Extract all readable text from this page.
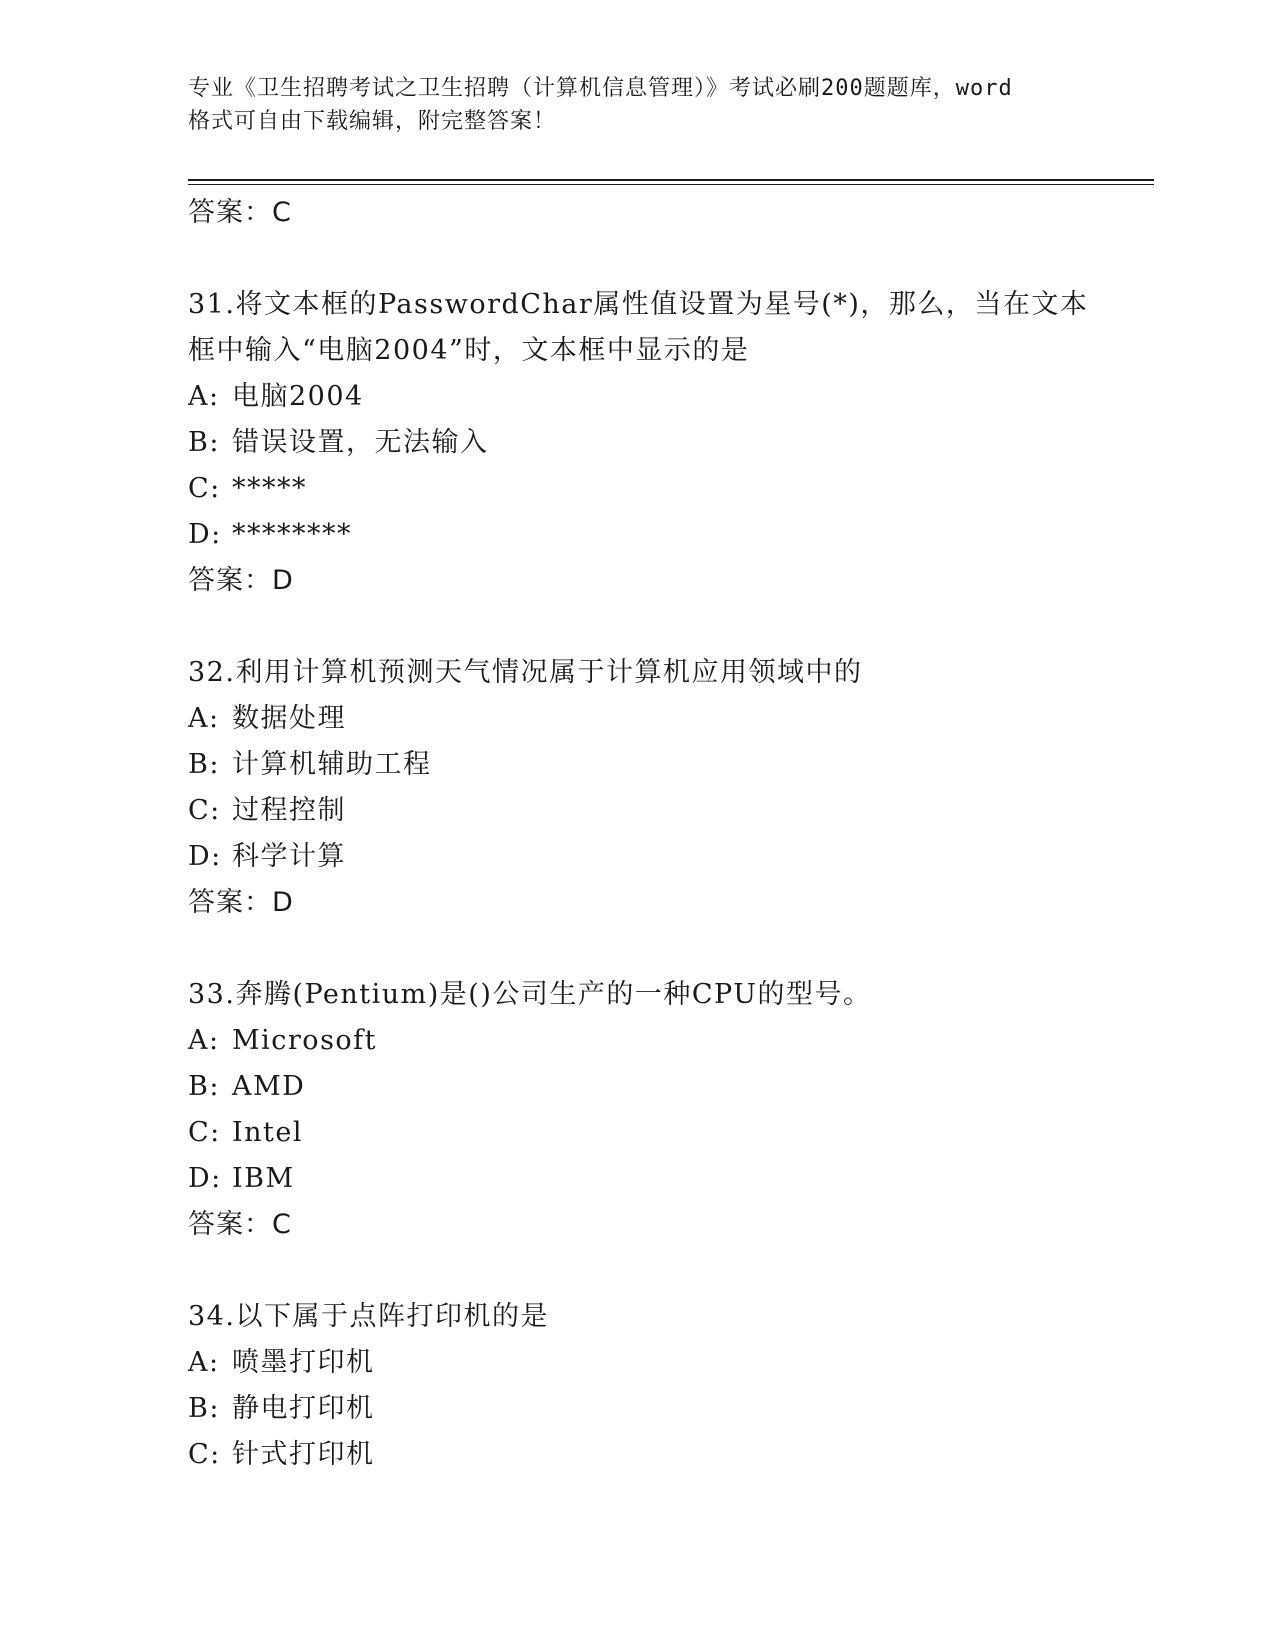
专业《卫生招聘考试之卫生招聘（计算机信息管理）》考试必刷200题题库，word
格式可自由下载编辑，附完整答案！
答案：C
31.将文本框的PasswordChar属性值设置为星号(*)，那么，当在文本
框中输入“电脑2004”时，文本框中显示的是
A: 电脑2004
B: 错误设置，无法输入
C: *****
D: ********
答案：D
32.利用计算机预测天气情况属于计算机应用领域中的
A: 数据处理
B: 计算机辅助工程
C: 过程控制
D: 科学计算
答案：D
33.奔腾(Pentium)是()公司生产的一种CPU的型号。
A: Microsoft
B: AMD
C: Intel
D: IBM
答案：C
34.以下属于点阵打印机的是
A: 喷墨打印机
B: 静电打印机
C: 针式打印机
